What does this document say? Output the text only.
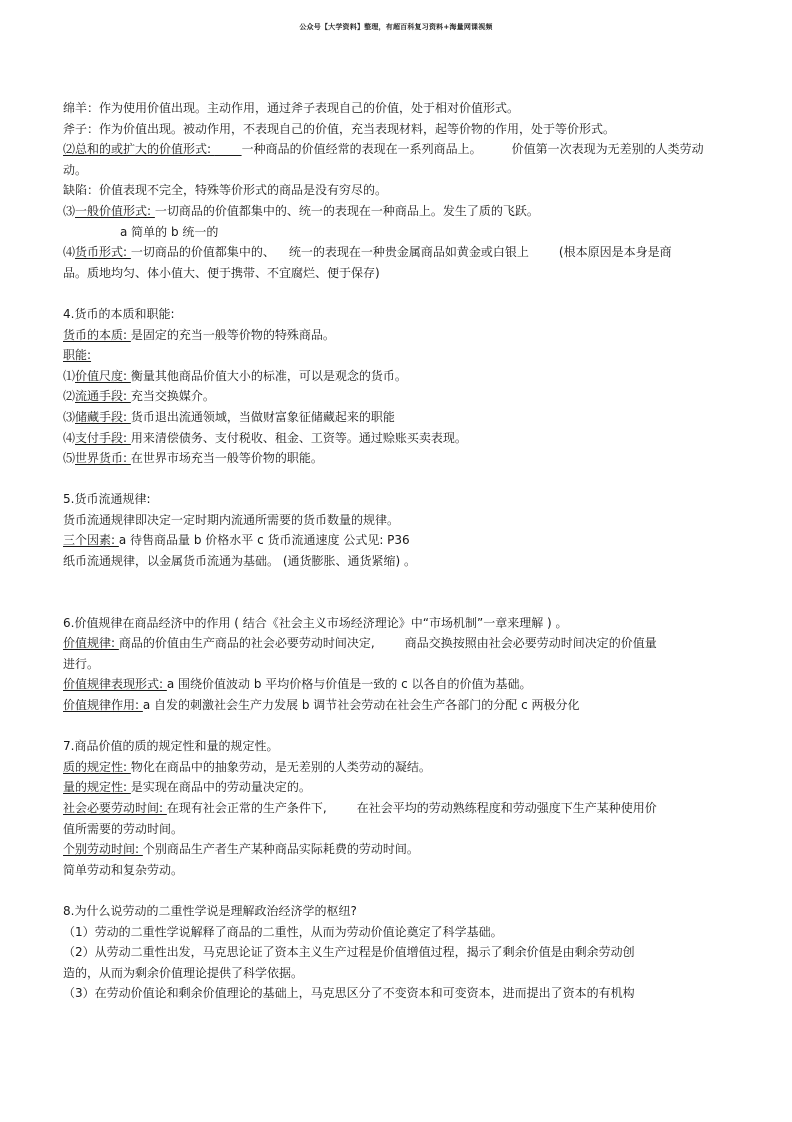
公众号【大学资料】整理，有超百科复习资料+海量网课视频
绵羊：作为使用价值出现。主动作用，通过斧子表现自己的价值，处于相对价值形式。
斧子：作为价值出现。被动作用，不表现自己的价值，充当表现材料，起等价物的作用，处于等价形式。
⑵总和的或扩大的价值形式:        一种商品的价值经常的表现在一系列商品上。	价值第一次表现为无差别的人类劳动
动。
缺陷：价值表现不完全，特殊等价形式的商品是没有穷尽的。
⑶一般价值形式: 一切商品的价值都集中的、统一的表现在一种商品上。发生了质的飞跃。
a 简单的 b 统一的
⑷货币形式: 一切商品的价值都集中的、 统一的表现在一种贵金属商品如黄金或白银上	(根本原因是本身是商
品。质地均匀、体小值大、便于携带、不宜腐烂、便于保存)
4.货币的本质和职能:
货币的本质: 是固定的充当一般等价物的特殊商品。
职能:
⑴价值尺度: 衡量其他商品价值大小的标准，可以是观念的货币。
⑵流通手段: 充当交换媒介。
⑶储藏手段: 货币退出流通领域，当做财富象征储藏起来的职能
⑷支付手段: 用来清偿债务、支付税收、租金、工资等。通过赊账买卖表现。
⑸世界货币: 在世界市场充当一般等价物的职能。
5.货币流通规律:
货币流通规律即决定一定时期内流通所需要的货币数量的规律。
三个因素: a 待售商品量 b 价格水平 c 货币流通速度 公式见: P36
纸币流通规律，以金属货币流通为基础。 (通货膨胀、通货紧缩) 。
6.价值规律在商品经济中的作用 ( 结合《社会主义市场经济理论》中“市场机制”一章来理解 ) 。
价值规律: 商品的价值由生产商品的社会必要劳动时间决定,	商品交换按照由社会必要劳动时间决定的价值量
进行。
价值规律表现形式: a 围绕价值波动 b 平均价格与价值是一致的 c 以各自的价值为基础。
价值规律作用: a 自发的刺激社会生产力发展 b 调节社会劳动在社会生产各部门的分配 c 两极分化
7.商品价值的质的规定性和量的规定性。
质的规定性: 物化在商品中的抽象劳动，是无差别的人类劳动的凝结。
量的规定性: 是实现在商品中的劳动量决定的。
社会必要劳动时间: 在现有社会正常的生产条件下,	在社会平均的劳动熟练程度和劳动强度下生产某种使用价
值所需要的劳动时间。
个别劳动时间: 个别商品生产者生产某种商品实际耗费的劳动时间。
简单劳动和复杂劳动。
8.为什么说劳动的二重性学说是理解政治经济学的枢纽?
（1）劳动的二重性学说解释了商品的二重性，从而为劳动价值论奠定了科学基础。
（2）从劳动二重性出发，马克思论证了资本主义生产过程是价值增值过程，揭示了剩余价值是由剩余劳动创
造的，从而为剩余价值理论提供了科学依据。
（3）在劳动价值论和剩余价值理论的基础上，马克思区分了不变资本和可变资本，进而提出了资本的有机构
